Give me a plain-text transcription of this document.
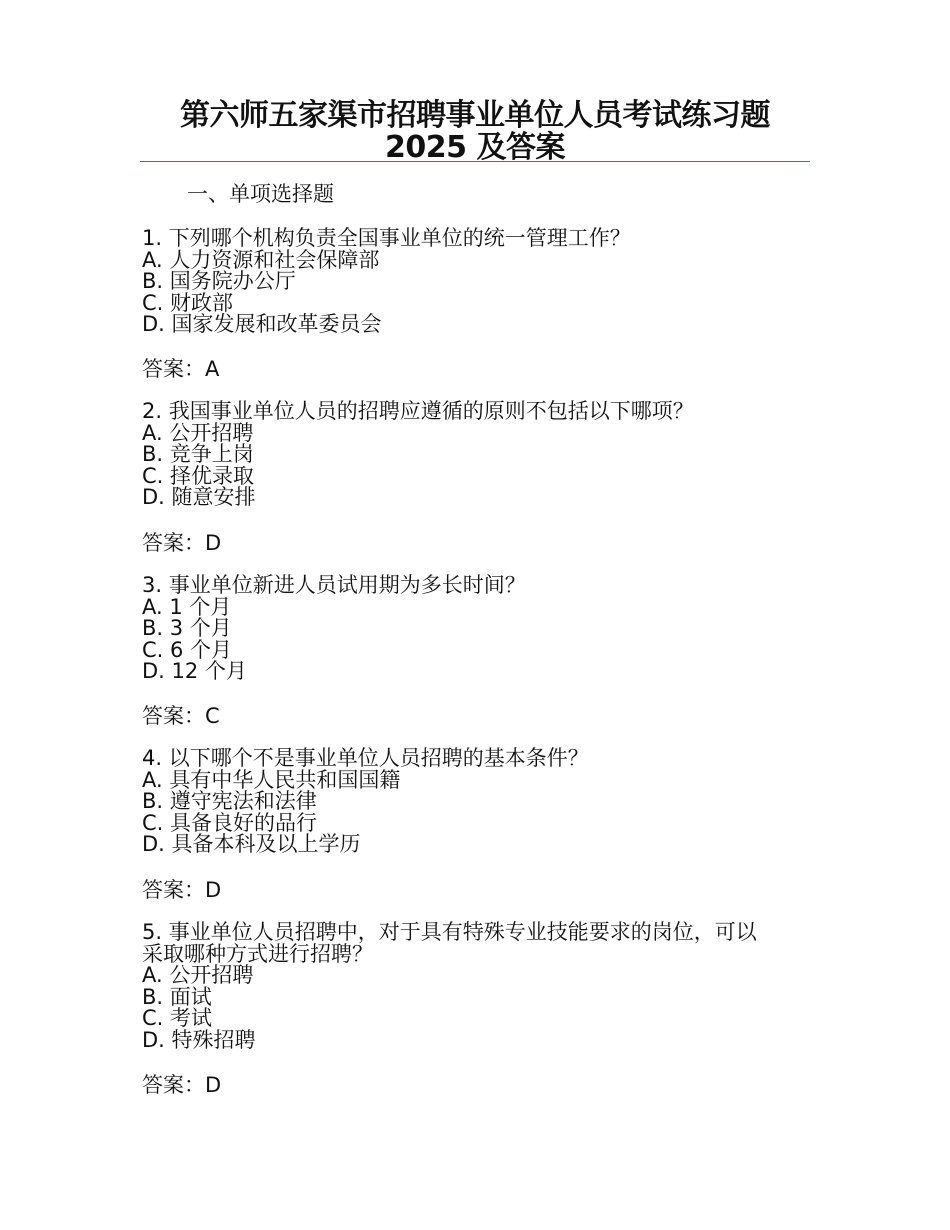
第六师五家渠市招聘事业单位人员考试练习题 2025 及答案
一、单项选择题
1. 下列哪个机构负责全国事业单位的统一管理工作？
A. 人力资源和社会保障部
B. 国务院办公厅
C. 财政部
D. 国家发展和改革委员会
答案：A
2. 我国事业单位人员的招聘应遵循的原则不包括以下哪项？
A. 公开招聘
B. 竞争上岗
C. 择优录取
D. 随意安排
答案：D
3. 事业单位新进人员试用期为多长时间？
A. 1 个月
B. 3 个月
C. 6 个月
D. 12 个月
答案：C
4. 以下哪个不是事业单位人员招聘的基本条件？
A. 具有中华人民共和国国籍
B. 遵守宪法和法律
C. 具备良好的品行
D. 具备本科及以上学历
答案：D
5. 事业单位人员招聘中，对于具有特殊专业技能要求的岗位，可以采取哪种方式进行招聘？
A. 公开招聘
B. 面试
C. 考试
D. 特殊招聘
答案：D
